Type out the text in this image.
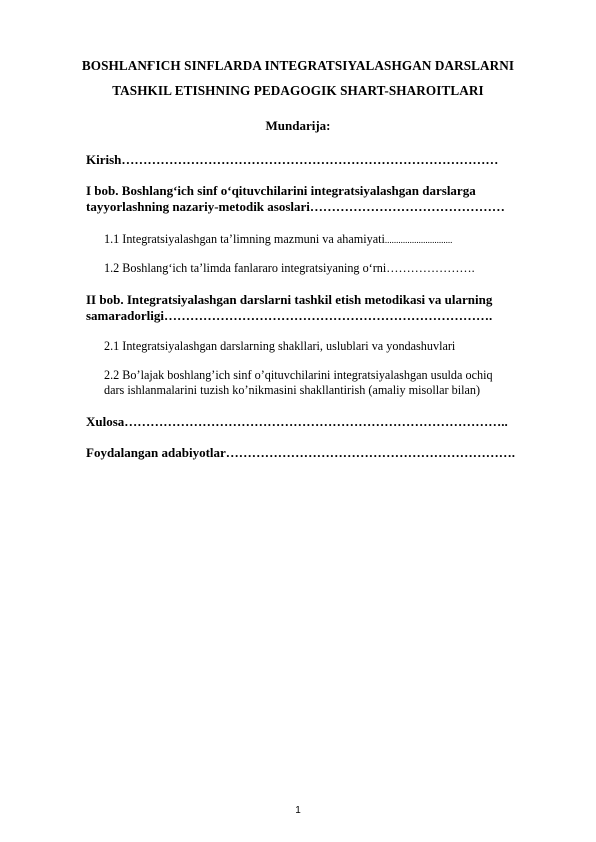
BOSHLANҒICH SINFLARDA INTEGRATSIYALASHGAN DARSLARNI
TASHKIL ETISHNING PEDAGOGIK SHART-SHAROITLARI
Mundarija:
Kirish……………………………………………………………………………
I bob. Boshlang‘ich sinf o‘qituvchilarini integratsiyalashgan darslarga
tayyorlashning nazariy-metodik asoslari………………………………………
1.1 Integratsiyalashgan ta’limning mazmuni va ahamiyati..............................
1.2 Boshlang‘ich ta’limda fanlararo integratsiyaning o‘rni………………….
II bob. Integratsiyalashgan darslarni tashkil etish metodikasi va ularning
samaradorligi………………………………………………………………….
2.1 Integratsiyalashgan darslarning shakllari, uslublari va yondashuvlari
2.2 Bo’lajak boshlang’ich sinf o’qituvchilarini integratsiyalashgan usulda ochiq
dars ishlanmalarini tuzish ko’nikmasini shakllantirish (amaliy misollar bilan)
Xulosa……………………………………………………………………………..
Foydalangan adabiyotlar………………………………………………………….
1
